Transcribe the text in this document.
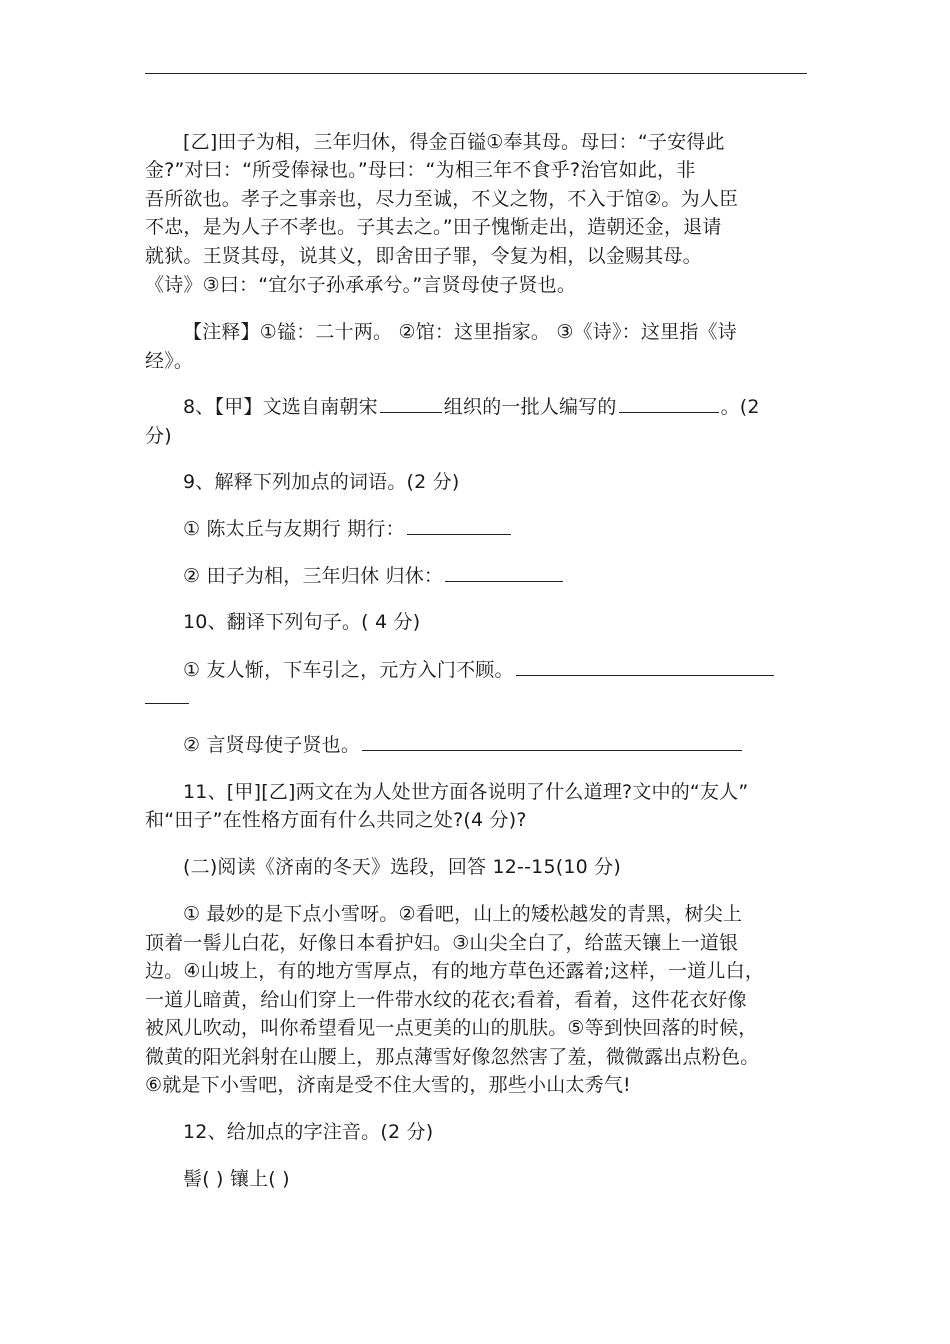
[乙]田子为相，三年归休，得金百镒①奉其母。母曰：“子安得此
金?”对曰：“所受俸禄也。”母曰：“为相三年不食乎?治官如此，非
吾所欲也。孝子之事亲也，尽力至诚，不义之物，不入于馆②。为人臣
不忠，是为人子不孝也。子其去之。”田子愧惭走出，造朝还金，退请
就狱。王贤其母，说其义，即舍田子罪，令复为相，以金赐其母。
《诗》③曰：“宜尔子孙承承兮。”言贤母使子贤也。
【注释】①镒：二十两。 ②馆：这里指家。 ③《诗》：这里指《诗
经》。
8、【甲】文选自南朝宋	组织的一批人编写的	。(2
分)
9、解释下列加点的词语。(2 分)
① 陈太丘与友期行 期行：
② 田子为相，三年归休 归休：
10、翻译下列句子。( 4 分)
① 友人惭，下车引之，元方入门不顾。
② 言贤母使子贤也。
11、[甲][乙]两文在为人处世方面各说明了什么道理?文中的“友人”
和“田子”在性格方面有什么共同之处?(4 分)?
(二)阅读《济南的冬天》选段，回答 12--15(10 分)
① 最妙的是下点小雪呀。②看吧，山上的矮松越发的青黑，树尖上
顶着一髻儿白花，好像日本看护妇。③山尖全白了，给蓝天镶上一道银
边。④山坡上，有的地方雪厚点，有的地方草色还露着;这样，一道儿白，
一道儿暗黄，给山们穿上一件带水纹的花衣;看着，看着，这件花衣好像
被风儿吹动，叫你希望看见一点更美的山的肌肤。⑤等到快回落的时候，
微黄的阳光斜射在山腰上，那点薄雪好像忽然害了羞，微微露出点粉色。
⑥就是下小雪吧，济南是受不住大雪的，那些小山太秀气!
12、给加点的字注音。(2 分)
髻( ) 镶上( )
